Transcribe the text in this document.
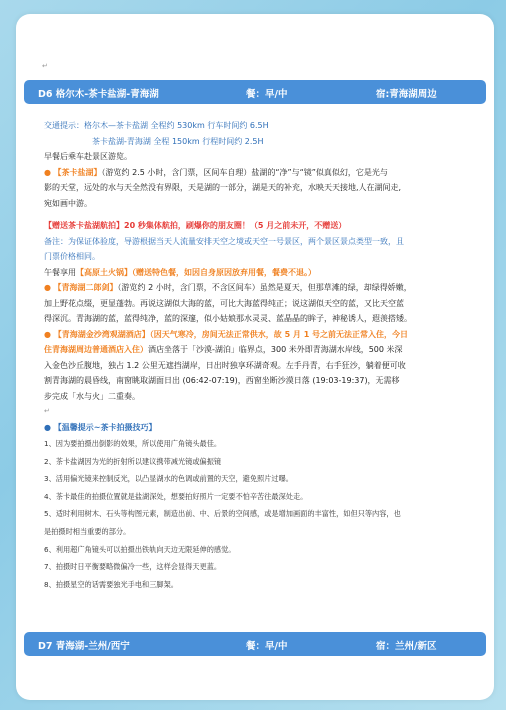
↵
D6 格尔木-茶卡盐湖-青海湖	餐：早/中	宿:青海湖周边
交通提示：格尔木—茶卡盐湖 全程约 530km 行车时间约 6.5H
茶卡盐湖-青海湖 全程 150km 行程时间约 2.5H
早餐后乘车赴景区游览。
● 【茶卡盐湖】（游览约 2.5 小时，含门票，区间车自理）盐湖的“净”与“镜”似真似幻，它是光与
影的天堂，远处的水与天全然没有界限，天是湖的一部分，湖是天的补充，水映天天接地,人在湖间走,
宛如画中游。
【赠送茶卡盐湖航拍】20 秒集体航拍，刷爆你的朋友圈！（5 月之前未开，不赠送）
备注：为保证体验度，导游根据当天人流量安排天空之境或天空一号景区，两个景区景点类型一致，且
门票价格相同。
午餐享用【高原土火锅】（赠送特色餐，如因自身原因放弃用餐，餐费不退。）
● 【青海湖二郎剑】（游览约 2 小时，含门票，不含区间车）虽然是夏天，但那草滩的绿，却绿得娇嫩，
加上野花点缀，更显蓬勃。再说这湖似大海的蓝，可比大海蓝得纯正；说这湖似天空的蓝，又比天空蓝
得深沉。青海湖的蓝，蓝得纯净，蓝的深邃，似小姑娘那水灵灵、蓝晶晶的眸子，神秘诱人，遐羡搭矮。
● 【青海湖金沙湾观湖酒店】（因天气寒冷，房间无法正常供水，故 5 月 1 号之前无法正常入住，今日
住青海湖周边普通酒店入住）酒店坐落于「沙漠-湖泊」临界点，300 米外即青海湖水岸线，500 米深
入金色沙丘腹地，独占 1.2 公里无遮挡湖岸，日出时独享环湖奇观。左手丹青，右手狂沙，躺着便可收
割青海湖的晨昏线，南窗眺取湖面日出 (06:42-07:19)，西窗坐断沙漠日落 (19:03-19:37)，无需移
步完成「水与火」二重奏。
↵
● 【温馨提示~茶卡拍摄技巧】
1、因为要拍摄出倒影的效果，所以使用广角镜头最佳。
2、茶卡盐湖因为光的折射所以建议携带减光镜或偏振镜
3、活用偏光镜来控制反光，以凸显湖水的色调或前置的天空，避免照片过曝。
4、茶卡最佳的拍摄位置就是盐湖深处，想要拍好照片一定要不怕辛苦往最深处走。
5、适时利用树木、石头等构图元素，制造出前、中、后景的空间感，或是增加画面的丰富性，如但只等内容，也
是拍摄时相当重要的部分。
6、利用超广角镜头可以拍摄出铁轨向天边无限延伸的感觉。
7、拍摄时日平衡要略微偏冷一些，这样会显得天更蓝。
8、拍摄星空的话需要独光手电和三脚架。
D7 青海湖-兰州/西宁	餐：早/中	宿：兰州/新区
